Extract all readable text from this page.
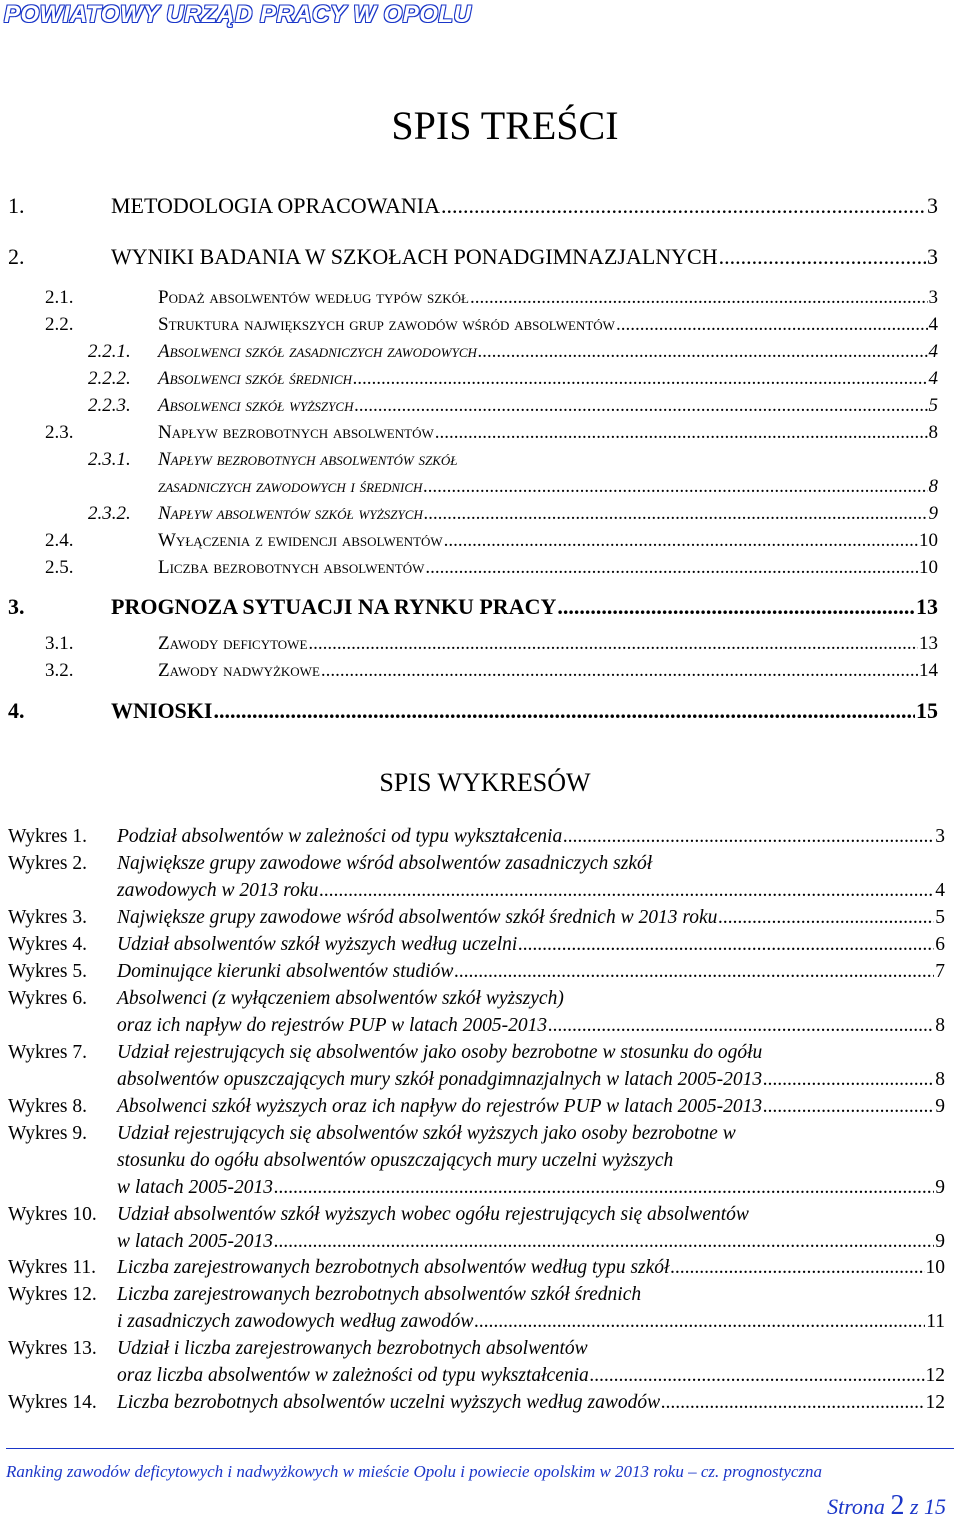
POWIATOWY URZĄD PRACY W OPOLU
SPIS TREŚCI
1.	METODOLOGIA OPRACOWANIA .....	3
2.	WYNIKI BADANIA W SZKOŁACH PONADGIMNAZJALNYCH .....	3
2.1.	Podaż absolwentów według typów szkół .....	3
2.2.	Struktura największych grup zawodów wśród absolwentów .....	4
2.2.1. Absolwenci szkół zasadniczych zawodowych .....	4
2.2.2. Absolwenci szkół średnich .....	4
2.2.3. Absolwenci szkół wyższych .....	5
2.3.	Napływ bezrobotnych absolwentów .....	8
2.3.1. Napływ bezrobotnych absolwentów szkół
zasadniczych zawodowych i średnich .....	8
2.3.2. Napływ absolwentów szkół wyższych .....	9
2.4.	Wyłączenia z ewidencji absolwentów .....	10
2.5.	Liczba bezrobotnych absolwentów .....	10
3.	PROGNOZA SYTUACJI NA RYNKU PRACY .....	13
3.1.	Zawody deficytowe .....	13
3.2.	Zawody nadwyżkowe .....	14
4.	WNIOSKI .....	15
SPIS WYKRESÓW
Wykres 1. Podział absolwentów w zależności od typu wykształcenia .....	3
Wykres 2. Największe grupy zawodowe wśród absolwentów zasadniczych szkół
zawodowych w 2013 roku .....	4
Wykres 3. Największe grupy zawodowe wśród absolwentów szkół średnich w 2013 roku .....	5
Wykres 4. Udział absolwentów szkół wyższych według uczelni .....	6
Wykres 5. Dominujące kierunki absolwentów studiów .....	7
Wykres 6. Absolwenci (z wyłączeniem absolwentów szkół wyższych)
oraz ich napływ do rejestrów PUP w latach 2005-2013 .....	8
Wykres 7. Udział rejestrujących się absolwentów jako osoby bezrobotne w stosunku do ogółu
absolwentów opuszczających mury szkół ponadgimnazjalnych w latach 2005-2013 .....	8
Wykres 8. Absolwenci szkół wyższych oraz ich napływ do rejestrów PUP w latach 2005-2013 .....	9
Wykres 9. Udział rejestrujących się absolwentów szkół wyższych jako osoby bezrobotne w
stosunku do ogółu absolwentów opuszczających mury uczelni wyższych
w latach 2005-2013 .....	9
Wykres 10. Udział absolwentów szkół wyższych wobec ogółu rejestrujących się absolwentów
w latach 2005-2013 .....	9
Wykres 11. Liczba zarejestrowanych bezrobotnych absolwentów według typu szkół .....	10
Wykres 12. Liczba zarejestrowanych bezrobotnych absolwentów szkół średnich
i zasadniczych zawodowych według zawodów .....	11
Wykres 13. Udział i liczba zarejestrowanych bezrobotnych absolwentów
oraz liczba absolwentów w zależności od typu wykształcenia .....	12
Wykres 14. Liczba bezrobotnych absolwentów uczelni wyższych według zawodów .....	12
Ranking zawodów deficytowych i nadwyżkowych w mieście Opolu i powiecie opolskim w 2013 roku – cz. prognostyczna
Strona 2 z 15
